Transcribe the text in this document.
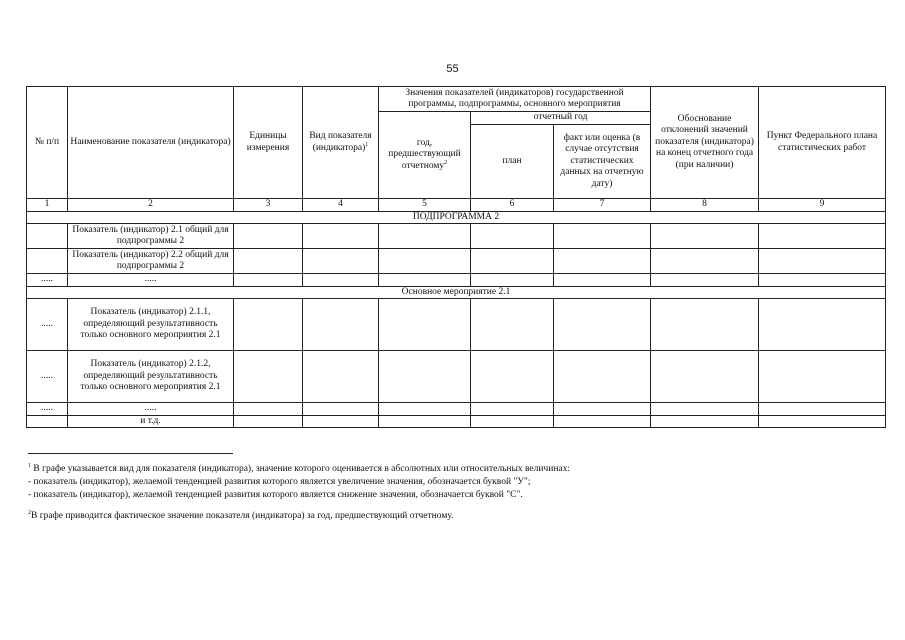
55
№ п/п	Наименование показателя (индикатора)	Единицы измерения	Вид показателя (индикатора)$^1$	Значения показателей (индикаторов) государственной программы, подпрограммы, основного мероприятия			Обоснование отклонений значений показателя (индикатора) на конец отчетного года (при наличии)	Пункт Федерального плана статистических работ
				год, предшествующий отчетному$^2$	отчетный год			
					план	факт или оценка (в случае отсутствия статистических данных на отчетную дату)		
1	2	3	4	5	6	7	8	9
ПОДПРОГРАММА 2								
	Показатель (индикатор) 2.1 общий для подпрограммы 2							
	Показатель (индикатор) 2.2 общий для подпрограммы 2							
.....	.....							
Основное мероприятие 2.1								
.....	Показатель (индикатор) 2.1.1, определяющий результативность только основного мероприятия 2.1							
.....	Показатель (индикатор) 2.1.2, определяющий результативность только основного мероприятия 2.1							
.....	.....							
	и т.д.							

$^1$ В графе указывается вид для показателя (индикатора), значение которого оценивается в абсолютных или относительных величинах:

- показатель (индикатор), желаемой тенденцией развития которого является увеличение значения, обозначается буквой "У";

- показатель (индикатор), желаемой тенденцией развития которого является снижение значения, обозначается буквой "С".

$^2$В графе приводится фактическое значение показателя (индикатора) за год, предшествующий отчетному.
